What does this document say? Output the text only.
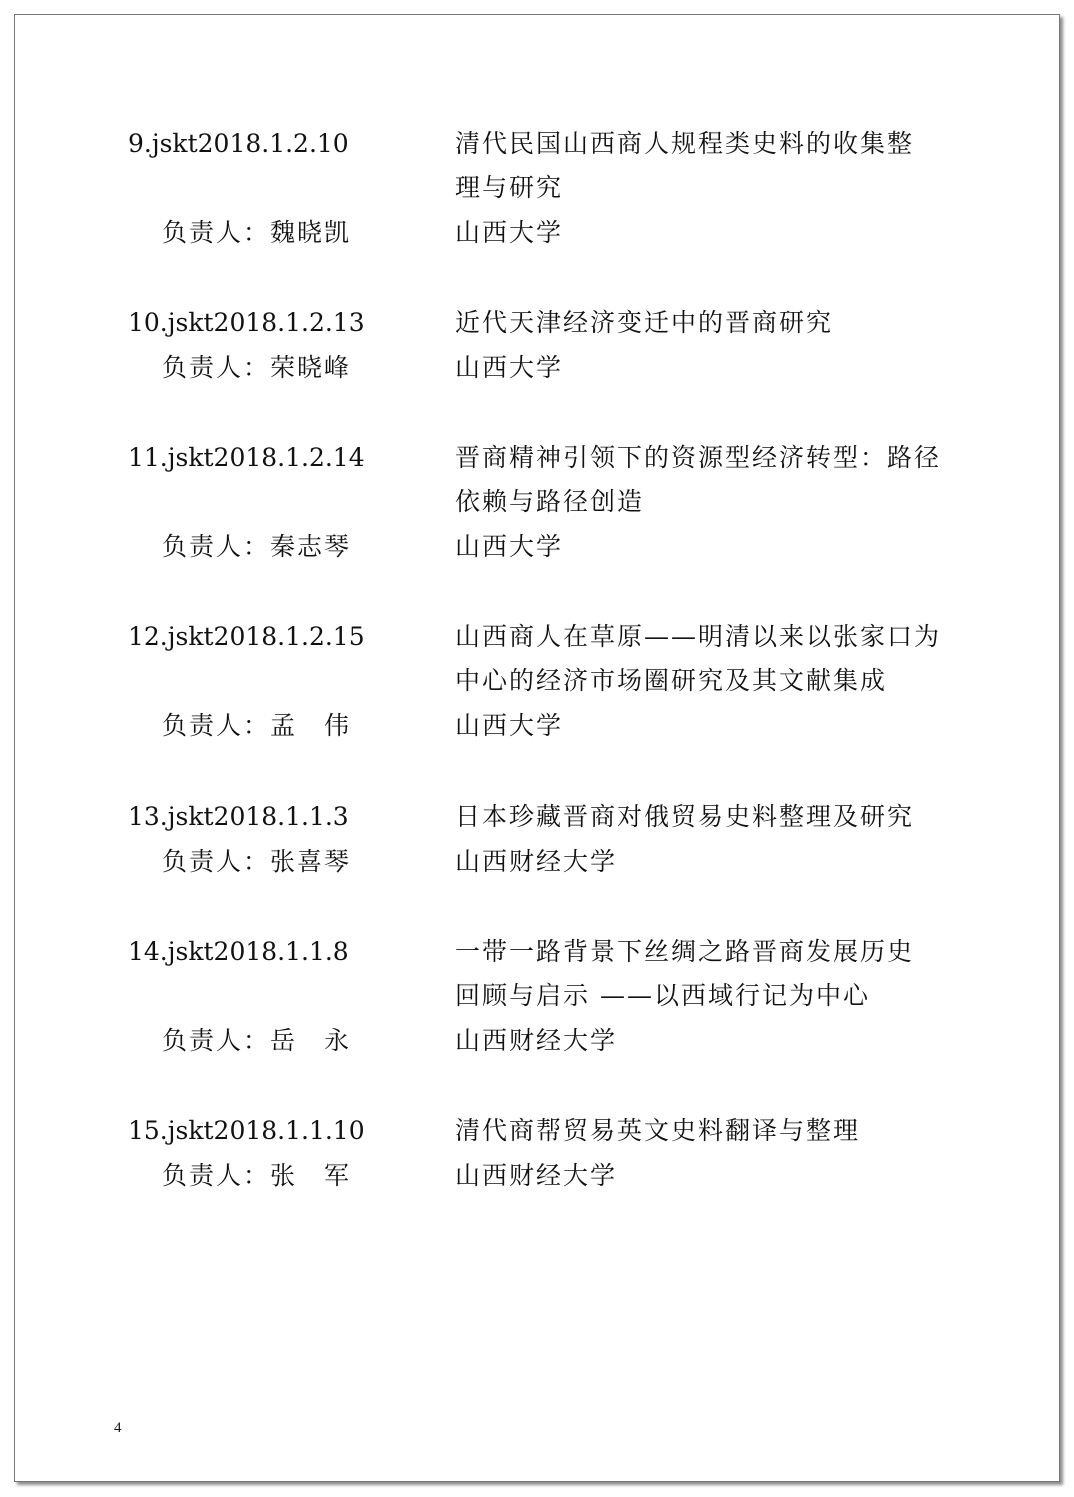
9.jskt2018.1.2.10	清代民国山西商人规程类史料的收集整
理与研究
负责人：魏晓凯	山西大学
10.jskt2018.1.2.13	近代天津经济变迁中的晋商研究
负责人：荣晓峰	山西大学
11.jskt2018.1.2.14	晋商精神引领下的资源型经济转型：路径
依赖与路径创造
负责人：秦志琴	山西大学
12.jskt2018.1.2.15	山西商人在草原——明清以来以张家口为
中心的经济市场圈研究及其文献集成
负责人：孟　伟	山西大学
13.jskt2018.1.1.3	日本珍藏晋商对俄贸易史料整理及研究
负责人：张喜琴	山西财经大学
14.jskt2018.1.1.8	一带一路背景下丝绸之路晋商发展历史
回顾与启示 ——以西域行记为中心
负责人：岳　永	山西财经大学
15.jskt2018.1.1.10	清代商帮贸易英文史料翻译与整理
负责人：张　军	山西财经大学
4
